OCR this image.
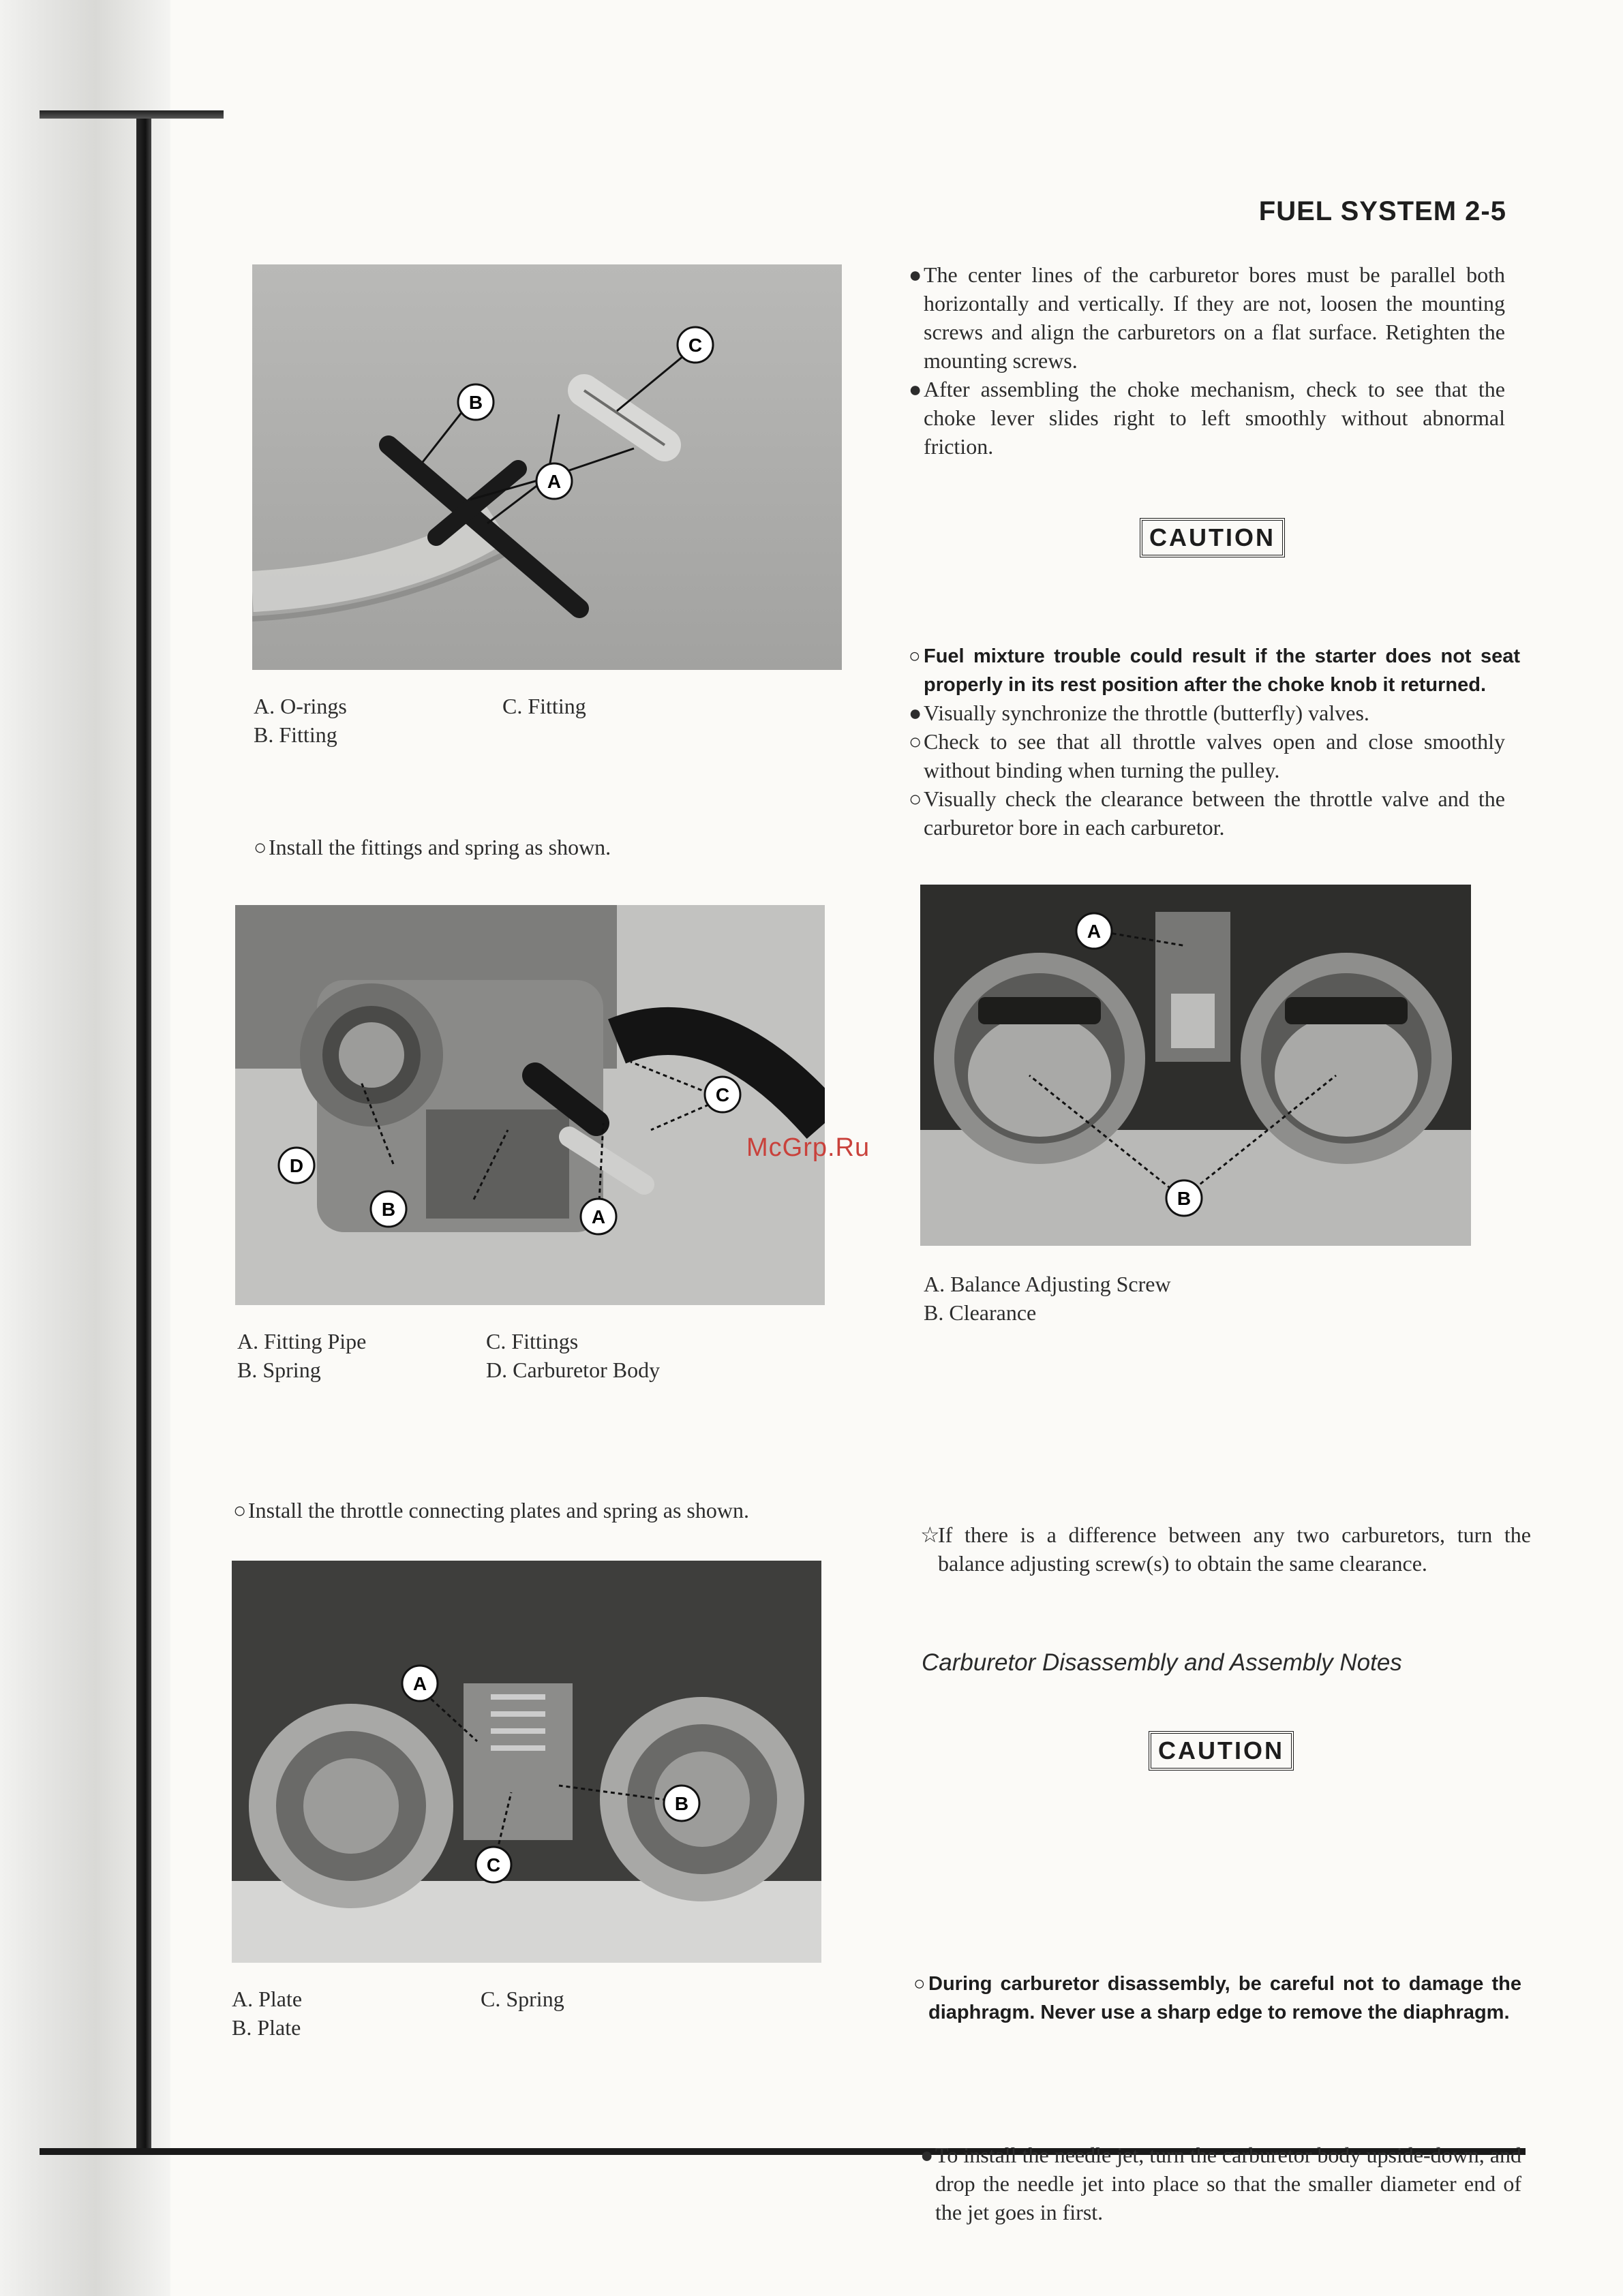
FUEL SYSTEM 2-5
B
A
C
A. O-rings	C. Fitting
B. Fitting
○ Install the fittings and spring as shown.
D
B	A
C
A. Fitting Pipe	C. Fittings
B. Spring	D. Carburetor Body
○ Install the throttle connecting plates and spring as shown.
A
B
C
A. Plate	C. Spring
B. Plate
● The center lines of the carburetor bores must be parallel both horizontally and vertically. If they are not, loosen the mounting screws and align the carburetors on a flat surface. Retighten the mounting screws.
● After assembling the choke mechanism, check to see that the choke lever slides right to left smoothly without abnormal friction.
CAUTION
○ Fuel mixture trouble could result if the starter does not seat properly in its rest position after the choke knob it returned.
● Visually synchronize the throttle (butterfly) valves.
○ Check to see that all throttle valves open and close smoothly without binding when turning the pulley.
○ Visually check the clearance between the throttle valve and the carburetor bore in each carburetor.
A
B
A. Balance Adjusting Screw
B. Clearance
McGrp.Ru
☆
If there is a difference between any two carburetors, turn the balance adjusting screw(s) to obtain the same clearance.
Carburetor Disassembly and Assembly Notes
CAUTION
○ During carburetor disassembly, be careful not to damage the diaphragm. Never use a sharp edge to remove the diaphragm.
● To install the needle jet, turn the carburetor body upside-down, and drop the needle jet into place so that the smaller diameter end of the jet goes in first.
